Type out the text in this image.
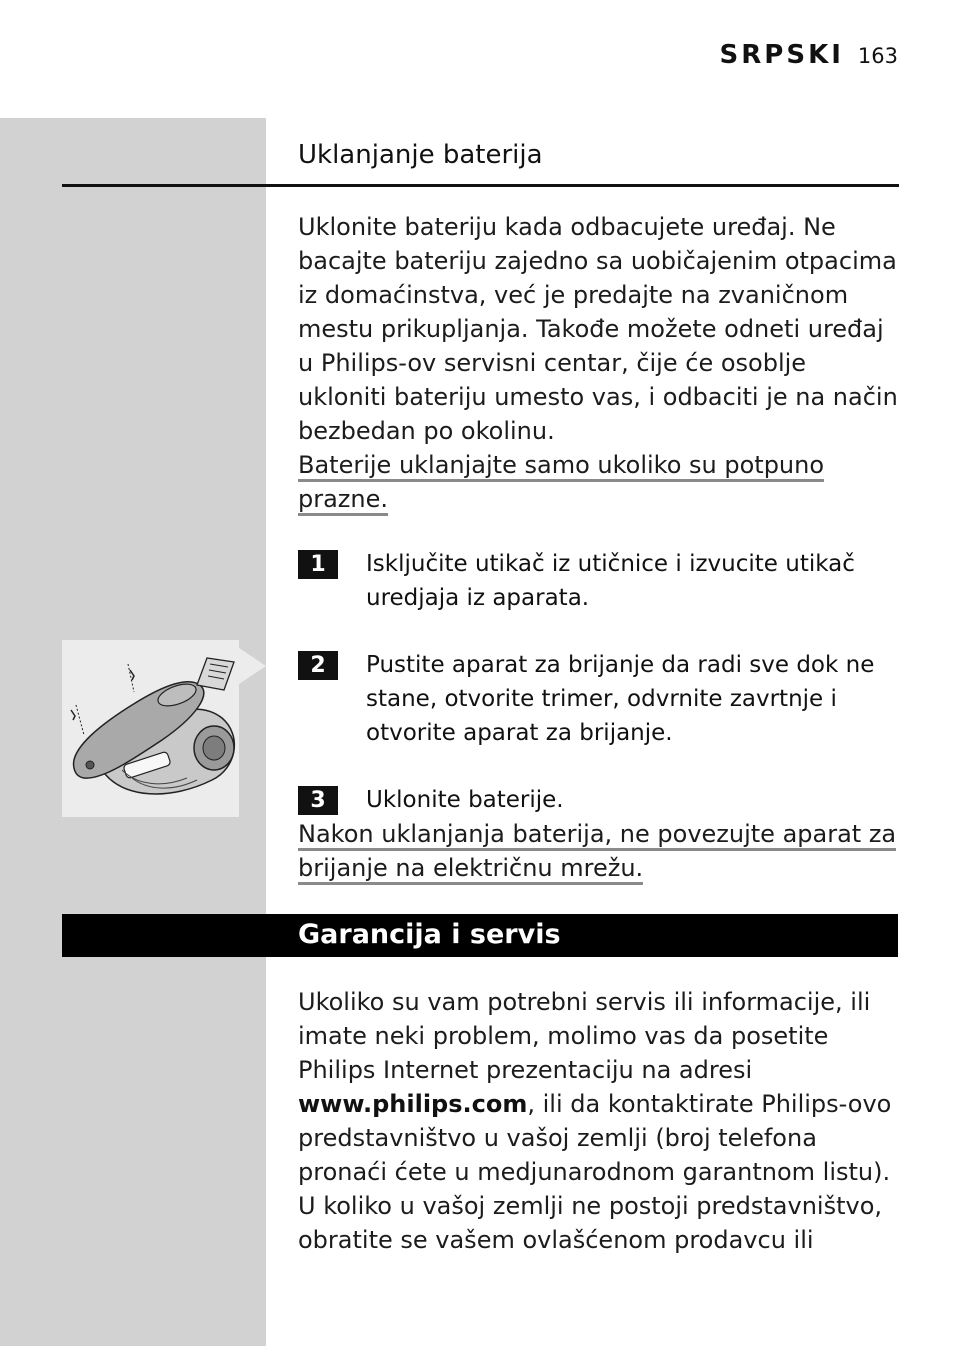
SRPSKI 163
Uklanjanje baterija
Uklonite bateriju kada odbacujete uređaj. Ne bacajte bateriju zajedno sa uobičajenim otpacima iz domaćinstva, već je predajte na zvaničnom mestu prikupljanja. Takođe možete odneti uređaj u Philips-ov servisni centar, čije će osoblje ukloniti bateriju umesto vas, i odbaciti je na način bezbedan po okolinu.
Baterije uklanjajte samo ukoliko su potpuno prazne.
1	Isključite utikač iz utičnice i izvucite utikač uredjaja iz aparata.
2	Pustite aparat za brijanje da radi sve dok ne stane, otvorite trimer, odvrnite zavrtnje i otvorite aparat za brijanje.
3	Uklonite baterije.
Nakon uklanjanja baterija, ne povezujte aparat za brijanje na električnu mrežu.
Garancija i servis
Ukoliko su vam potrebni servis ili informacije, ili imate neki problem, molimo vas da posetite Philips Internet prezentaciju na adresi www.philips.com, ili da kontaktirate Philips-ovo predstavništvo u vašoj zemlji (broj telefona pronaći ćete u medjunarodnom garantnom listu). U koliko u vašoj zemlji ne postoji predstavništvo, obratite se vašem ovlašćenom prodavcu ili
